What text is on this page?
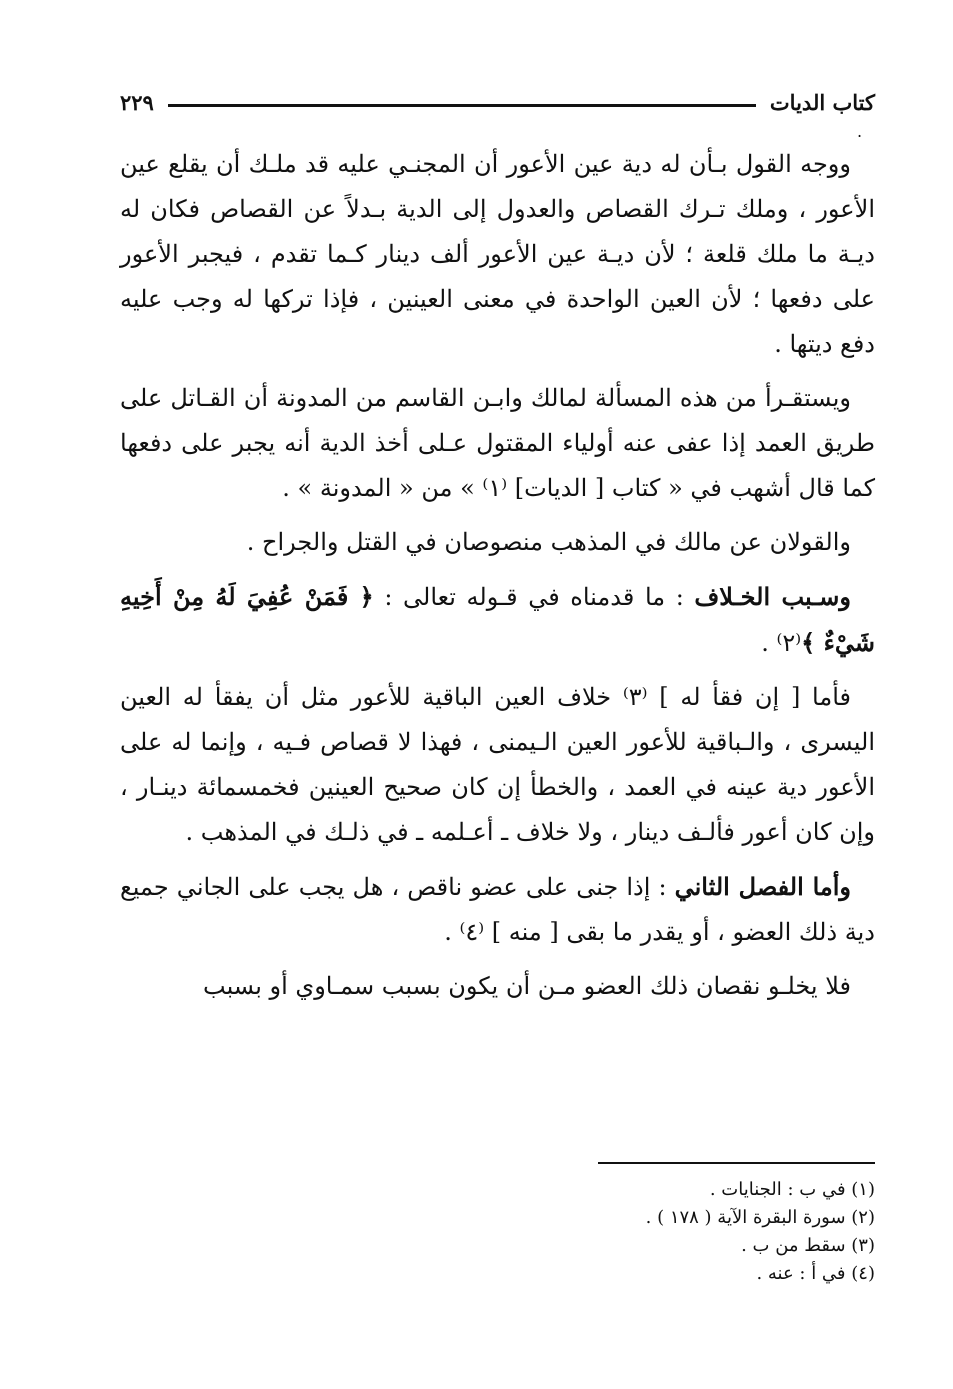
كتاب الديات
٢٢٩
.

ووجه القول بـأن له دية عين الأعور أن المجنـي عليه قد ملـك أن يقلع عين الأعور ، وملك تـرك القصاص والعدول إلى الدية بـدلاً عن القصاص فكان له ديـة ما ملك قلعة ؛ لأن ديـة عين الأعور ألف دينار كـما تقدم ، فيجبر الأعور على دفعها ؛ لأن العين الواحدة في معنى العينين ، فإذا تركها له وجب عليه دفع ديتها .

ويستقـرأ من هذه المسألة لمالك وابـن القاسم من المدونة أن القـاتل على طريق العمد إذا عفى عنه أولياء المقتول عـلى أخذ الدية أنه يجبر على دفعها كما قال أشهب في « كتاب [ الديات] ⁽١⁾ » من « المدونة » .

والقولان عن مالك في المذهب منصوصان في القتل والجراح .

وسـبب الخـلاف : ما قدمناه في قـوله تعالى : ﴿ فَمَنْ عُفِيَ لَهُ مِنْ أَخِيهِ شَيْءٌ ﴾⁽٢⁾ .

فأما [ إن فقأ له ] ⁽٣⁾ خلاف العين الباقية للأعور مثل أن يفقأ له العين اليسرى ، والـباقية للأعور العين الـيمنى ، فهذا لا قصاص فـيه ، وإنما له على الأعور دية عينه في العمد ، والخطأ إن كان صحيح العينين فخمسمائة دينـار ، وإن كان أعور فألـف دينار ، ولا خلاف ـ أعـلمه ـ في ذلـك في المذهب .

وأما الفصل الثاني : إذا جنى على عضو ناقص ، هل يجب على الجاني جميع دية ذلك العضو ، أو يقدر ما بقى [ منه ] ⁽٤⁾ .

فلا يخلـو نقصان ذلك العضو مـن أن يكون بسبب سمـاوي أو بسبب

(١) في ب : الجنايات .
(٢) سورة البقرة الآية ( ١٧٨ ) .
(٣) سقط من ب .
(٤) في أ : عنه .
